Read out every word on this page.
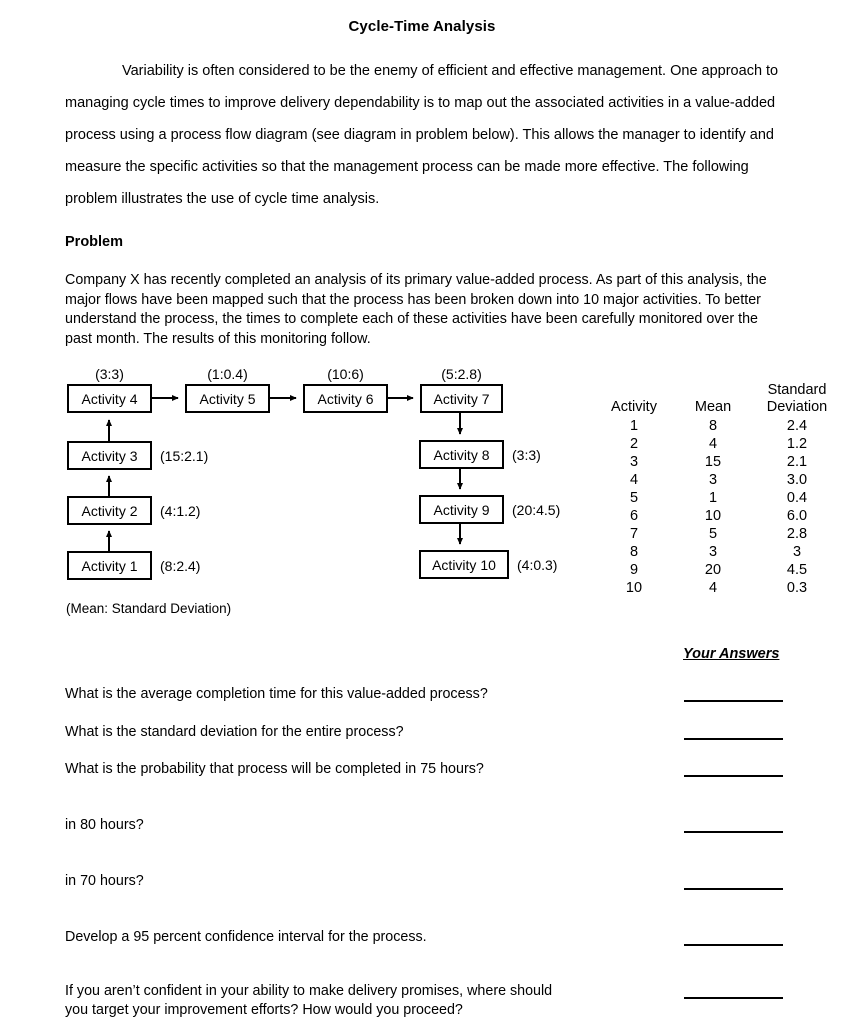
Cycle-Time Analysis
Variability is often considered to be the enemy of efficient and effective management. One approach to managing cycle times to improve delivery dependability is to map out the associated activities in a value-added process using a process flow diagram (see diagram in problem below). This allows the manager to identify and measure the specific activities so that the management process can be made more effective. The following problem illustrates the use of cycle time analysis.
Problem
Company X has recently completed an analysis of its primary value-added process. As part of this analysis, the major flows have been mapped such that the process has been broken down into 10 major activities. To better understand the process, the times to complete each of these activities have been carefully monitored over the past month. The results of this monitoring follow.
Activity 1 (8:2.4)
Activity 2 (4:1.2)
Activity 3 (15:2.1)
Activity 4
(3:3)
Activity 5
(1:0.4)
Activity 6
(10:6)
Activity 7
(5:2.8)
Activity 8 (3:3)
Activity 9 (20:4.5)
Activity 10 (4:0.3)
(Mean: Standard Deviation)
Activity	Mean	Standard
Deviation
1	8	2.4
2	4	1.2
3	15	2.1
4	3	3.0
5	1	0.4
6	10	6.0
7	5	2.8
8	3	3
9	20	4.5
10	4	0.3
Your Answers
What is the average completion time for this value-added process?
What is the standard deviation for the entire process?
What is the probability that process will be completed in 75 hours?
in 80 hours?
in 70 hours?
Develop a 95 percent confidence interval for the process.
If you aren’t confident in your ability to make delivery promises, where should you target your improvement efforts? How would you proceed?
